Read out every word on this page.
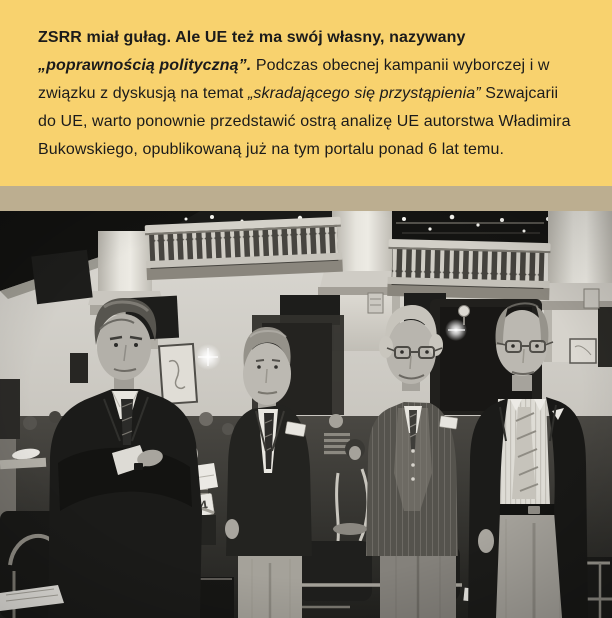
ZSRR miał gułag. Ale UE też ma swój własny, nazywany „poprawnością polityczną”. Podczas obecnej kampanii wyborczej i w związku z dyskusją na temat „skradającego się przystąpienia” Szwajcarii do UE, warto ponownie przedstawić ostrą analizę UE autorstwa Władimira Bukowskiego, opublikowaną już na tym portalu ponad 6 lat temu.
